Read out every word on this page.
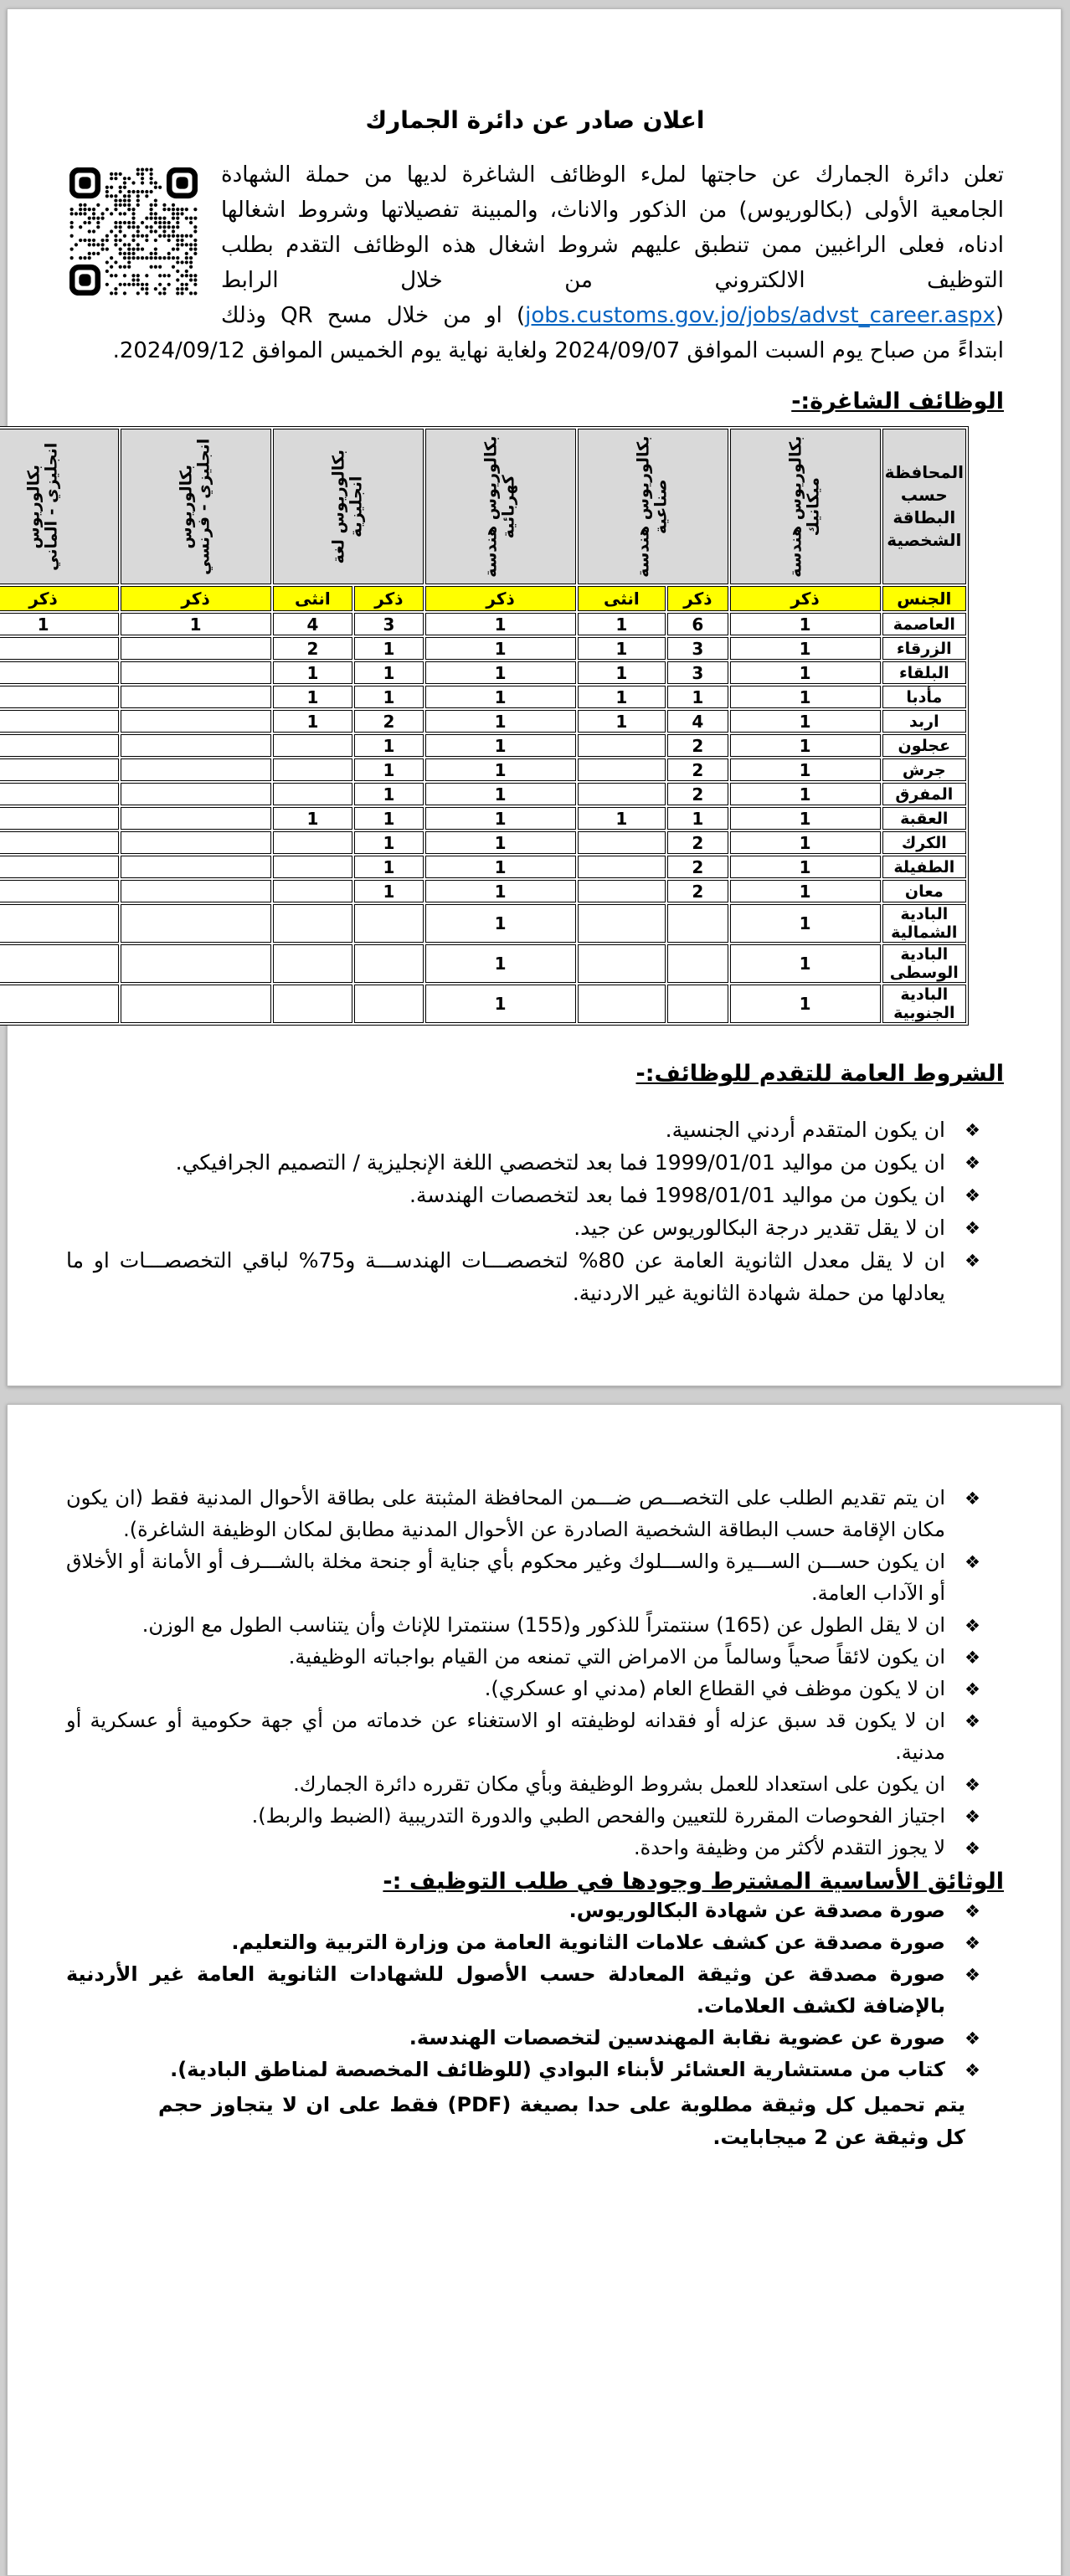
اعلان صادر عن دائرة الجمارك
تعلن دائرة الجمارك عن حاجتها لملء الوظائف الشاغرة لديها من حملة الشهادة الجامعية الأولى (بكالوريوس) من الذكور والاناث، والمبينة تفصيلاتها وشروط اشغالها ادناه، فعلى الراغبين ممن تنطبق عليهم شروط اشغال هذه الوظائف التقدم بطلب التوظيف الالكتروني من خلال الرابط (jobs.customs.gov.jo/jobs/advst_career.aspx) او من خلال مسح QR وذلك ابتداءً من صباح يوم السبت الموافق 2024/09/07 ولغاية نهاية يوم الخميس الموافق 2024/09/12.
الوظائف الشاغرة:-
المحافظة حسب البطاقة الشخصية	بكالوريوس هندسة ميكانيك	بكالوريوس هندسة صناعية		بكالوريوس هندسة كهربائية	بكالوريوس لغة انجليزية		بكالوريوس انجليزي - فرنسي	بكالوريوس انجليزي - الماني

الجنس	ذكر	ذكر	انثى	ذكر	ذكر	انثى	ذكر	ذكر				
العاصمة	1	6	1	1	3	4	1	1				
الزرقاء	1	3	1	1	1	2						
البلقاء	1	3	1	1	1	1						
مأدبا	1	1	1	1	1	1						
اربد	1	4	1	1	2	1						
عجلون	1	2		1	1							
جرش	1	2		1	1							
المفرق	1	2		1	1							
العقبة	1	1	1	1	1	1						
الكرك	1	2		1	1							
الطفيلة	1	2		1	1							
معان	1	2		1	1							
البادية الشمالية	1			1								
البادية الوسطى	1			1								
البادية الجنوبية	1			1								
الشروط العامة للتقدم للوظائف:-
❖
ان يكون المتقدم أردني الجنسية.
❖
ان يكون من مواليد 1999/01/01 فما بعد لتخصصي اللغة الإنجليزية / التصميم الجرافيكي.
❖
ان يكون من مواليد 1998/01/01 فما بعد لتخصصات الهندسة.
❖
ان لا يقل تقدير درجة البكالوريوس عن جيد.
❖
ان لا يقل معدل الثانوية العامة عن 80% لتخصصـــات الهندســـة و75% لباقي التخصصـــات او ما يعادلها من حملة شهادة الثانوية غير الاردنية.
❖
ان يتم تقديم الطلب على التخصـــص ضـــمن المحافظة المثبتة على بطاقة الأحوال المدنية فقط (ان يكون مكان الإقامة حسب البطاقة الشخصية الصادرة عن الأحوال المدنية مطابق لمكان الوظيفة الشاغرة).
❖
ان يكون حســـن الســـيرة والســـلوك وغير محكوم بأي جناية أو جنحة مخلة بالشـــرف أو الأمانة أو الأخلاق أو الآداب العامة.
❖
ان لا يقل الطول عن (165) سنتمتراً للذكور و(155) سنتمترا للإناث وأن يتناسب الطول مع الوزن.
❖
ان يكون لائقاً صحياً وسالماً من الامراض التي تمنعه من القيام بواجباته الوظيفية.
❖
ان لا يكون موظف في القطاع العام (مدني او عسكري).
❖
ان لا يكون قد سبق عزله أو فقدانه لوظيفته او الاستغناء عن خدماته من أي جهة حكومية أو عسكرية أو مدنية.
❖
ان يكون على استعداد للعمل بشروط الوظيفة وبأي مكان تقرره دائرة الجمارك.
❖
اجتياز الفحوصات المقررة للتعيين والفحص الطبي والدورة التدريبية (الضبط والربط).
❖
لا يجوز التقدم لأكثر من وظيفة واحدة.
الوثائق الأساسية المشترط وجودها في طلب التوظيف :-
❖
صورة مصدقة عن شهادة البكالوريوس.
❖
صورة مصدقة عن كشف علامات الثانوية العامة من وزارة التربية والتعليم.
❖
صورة مصدقة عن وثيقة المعادلة حسب الأصول للشهادات الثانوية العامة غير الأردنية بالإضافة لكشف العلامات.
❖
صورة عن عضوية نقابة المهندسين لتخصصات الهندسة.
❖
كتاب من مستشارية العشائر لأبناء البوادي (للوظائف المخصصة لمناطق البادية).
يتم تحميل كل وثيقة مطلوبة على حدا بصيغة (PDF) فقط على ان لا يتجاوز حجم كل وثيقة عن 2 ميجابايت.
